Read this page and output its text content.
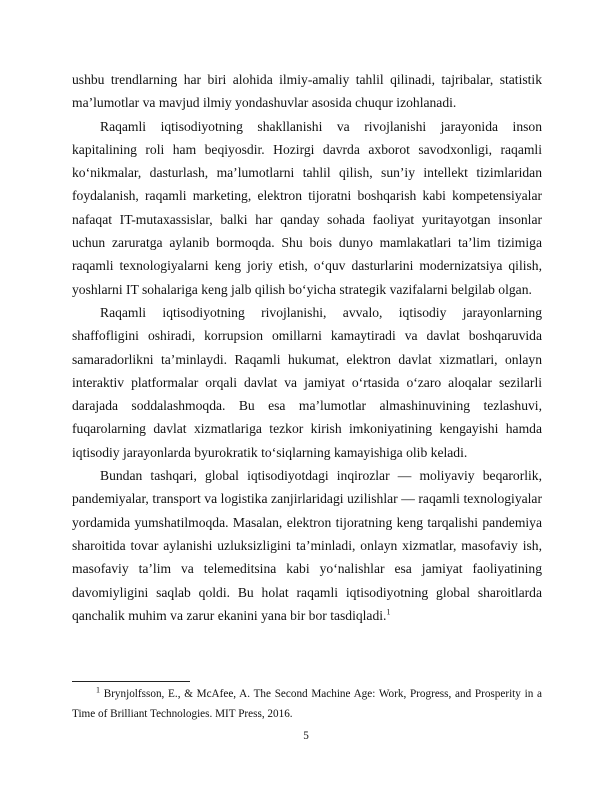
ushbu trendlarning har biri alohida ilmiy-amaliy tahlil qilinadi, tajribalar, statistik ma’lumotlar va mavjud ilmiy yondashuvlar asosida chuqur izohlanadi.

Raqamli iqtisodiyotning shakllanishi va rivojlanishi jarayonida inson kapitalining roli ham beqiyosdir. Hozirgi davrda axborot savodxonligi, raqamli ko‘nikmalar, dasturlash, ma’lumotlarni tahlil qilish, sun’iy intellekt tizimlaridan foydalanish, raqamli marketing, elektron tijoratni boshqarish kabi kompetensiyalar nafaqat IT-mutaxassislar, balki har qanday sohada faoliyat yuritayotgan insonlar uchun zaruratga aylanib bormoqda. Shu bois dunyo mamlakatlari ta’lim tizimiga raqamli texnologiyalarni keng joriy etish, o‘quv dasturlarini modernizatsiya qilish, yoshlarni IT sohalariga keng jalb qilish bo‘yicha strategik vazifalarni belgilab olgan.

Raqamli iqtisodiyotning rivojlanishi, avvalo, iqtisodiy jarayonlarning shaffofligini oshiradi, korrupsion omillarni kamaytiradi va davlat boshqaruvida samaradorlikni ta’minlaydi. Raqamli hukumat, elektron davlat xizmatlari, onlayn interaktiv platformalar orqali davlat va jamiyat o‘rtasida o‘zaro aloqalar sezilarli darajada soddalashmoqda. Bu esa ma’lumotlar almashinuvining tezlashuvi, fuqarolarning davlat xizmatlariga tezkor kirish imkoniyatining kengayishi hamda iqtisodiy jarayonlarda byurokratik to‘siqlarning kamayishiga olib keladi.

Bundan tashqari, global iqtisodiyotdagi inqirozlar — moliyaviy beqarorlik, pandemiyalar, transport va logistika zanjirlaridagi uzilishlar — raqamli texnologiyalar yordamida yumshatilmoqda. Masalan, elektron tijoratning keng tarqalishi pandemiya sharoitida tovar aylanishi uzluksizligini ta’minladi, onlayn xizmatlar, masofaviy ish, masofaviy ta’lim va telemeditsina kabi yo‘nalishlar esa jamiyat faoliyatining davomiyligini saqlab qoldi. Bu holat raqamli iqtisodiyotning global sharoitlarda qanchalik muhim va zarur ekanini yana bir bor tasdiqladi.$^1$

$^1$ Brynjolfsson, E., & McAfee, A. The Second Machine Age: Work, Progress, and Prosperity in a Time of Brilliant Technologies. MIT Press, 2016.
5
